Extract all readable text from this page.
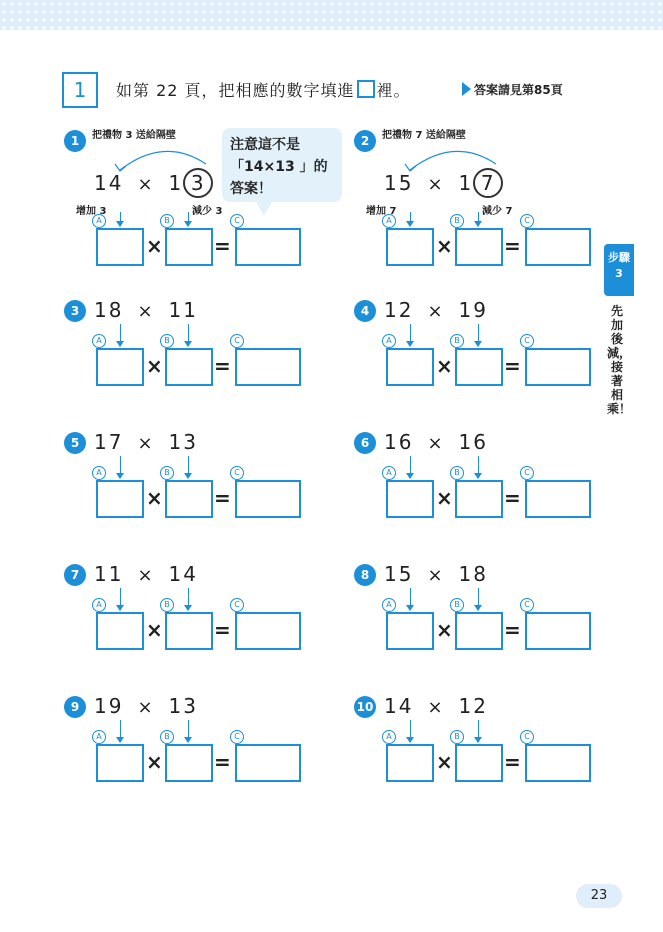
1	如第 22 頁，把相應的數字填進 裡。	答案請見第85頁
注意這不是
「14×13 」的
答案！
步驟
3
先加後減，接著相乘！
23
1	把禮物 3 送給隔壁
14 × 1 3
增加 3	減少 3
A	B	C
×	=
2	把禮物 7 送給隔壁
15 × 1 7
增加 7	減少 7
A	B	C
×	=
3 18 × 11
A	B	C
×	=
4 12 × 19
A	B	C
×	=
5 17 × 13
A	B	C
×	=
6 16 × 16
A	B	C
×	=
7 11 × 14
A	B	C
×	=
8 15 × 18
A	B	C
×	=
9 19 × 13
A	B	C
×	=
10 14 × 12
A	B	C
×	=
